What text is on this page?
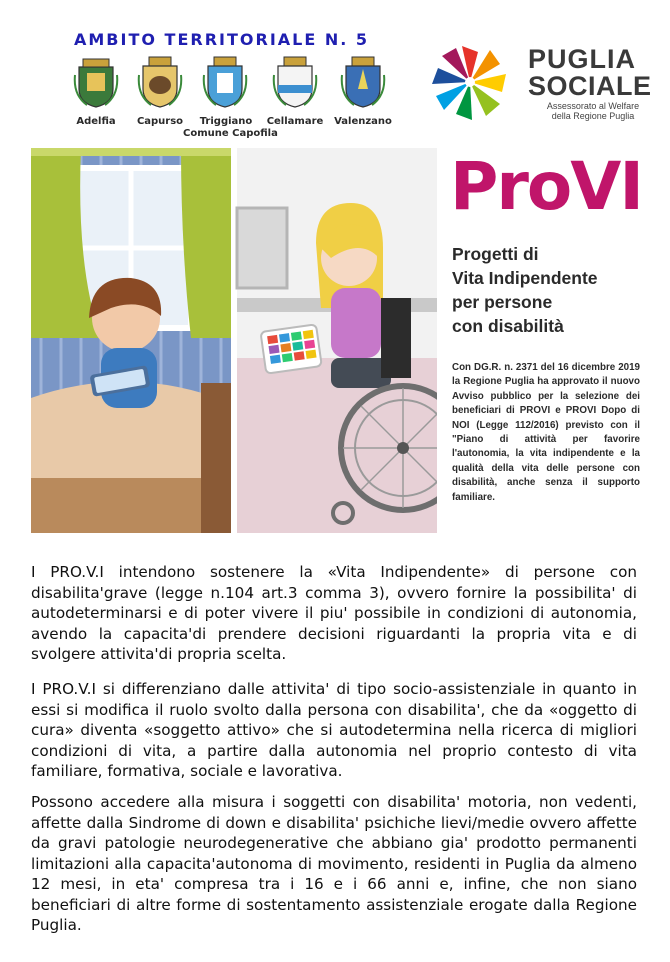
AMBITO TERRITORIALE N. 5
Adelfia	Capurso	Triggiano	Cellamare	Valenzano
Comune Capofila
PUGLIA
SOCIALE
Assessorato al Welfare
della Regione Puglia
ProVI
Progetti di
Vita Indipendente
per persone
con disabilità
Con DG.R. n. 2371 del 16 dicembre 2019 la Regione Puglia ha approvato il nuovo Avviso pubblico per la selezione dei beneficiari di PROVI e PROVI Dopo di NOI (Legge 112/2016) previsto con il "Piano di attività per favorire l'autonomia, la vita indipendente e la qualità della vita delle persone con disabilità, anche senza il supporto familiare.
I PRO.V.I intendono sostenere la «Vita Indipendente» di persone con disabilita'grave (legge n.104 art.3 comma 3), ovvero fornire la possibilita' di autodeterminarsi e di poter vivere il piu' possibile in condizioni di autonomia, avendo la capacita'di prendere decisioni riguardanti la propria vita e di svolgere attivita'di propria scelta.
I PRO.V.I si differenziano dalle attivita' di tipo socio-assistenziale in quanto in essi si modifica il ruolo svolto dalla persona con disabilita', che da «oggetto di cura» diventa «soggetto attivo» che si autodetermina nella ricerca di migliori condizioni di vita, a partire dalla autonomia nel proprio contesto di vita familiare, formativa, sociale e lavorativa.
Possono accedere alla misura i soggetti con disabilita' motoria, non vedenti, affette dalla Sindrome di down e disabilita' psichiche lievi/medie ovvero affette da gravi patologie neurodegenerative che abbiano gia' prodotto permanenti limitazioni alla capacita'autonoma di movimento, residenti in Puglia da almeno 12 mesi, in eta' compresa tra i 16 e i 66 anni e, infine, che non siano beneficiari di altre forme di sostentamento assistenziale erogate dalla Regione Puglia.
